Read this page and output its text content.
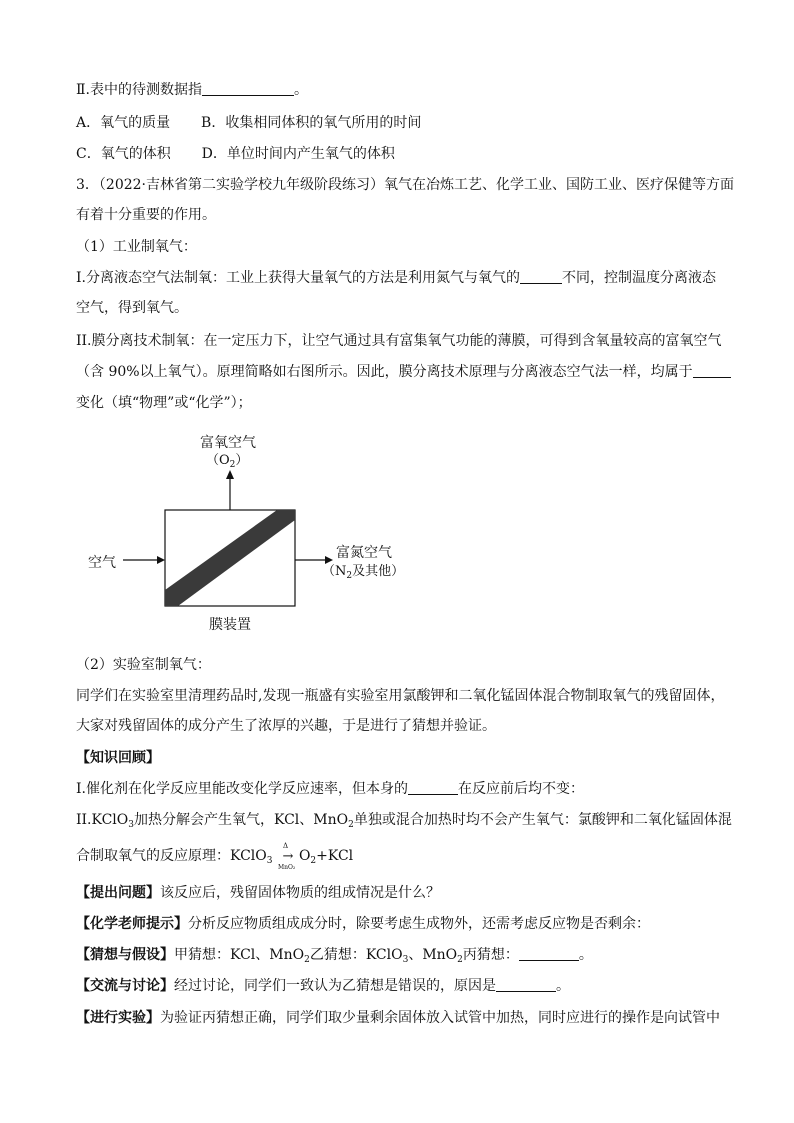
Ⅱ.表中的待测数据指	。
A．氧气的质量 B．收集相同体积的氧气所用的时间
C．氧气的体积 D．单位时间内产生氧气的体积
3．（2022·吉林省第二实验学校九年级阶段练习）氧气在冶炼工艺、化学工业、国防工业、医疗保健等方面
有着十分重要的作用。
（1）工业制氧气：
I.分离液态空气法制氧：工业上获得大量氧气的方法是利用氮气与氧气的	不同，控制温度分离液态
空气，得到氧气。
II.膜分离技术制氧：在一定压力下，让空气通过具有富集氧气功能的薄膜，可得到含氧量较高的富氧空气
（含 90%以上氧气）。原理简略如右图所示。因此，膜分离技术原理与分离液态空气法一样，均属于
变化（填“物理”或“化学”）；
富氧空气
$(O_2)$
空气
富氮空气
（$N_2$及其他）
膜装置
（2）实验室制氧气：
同学们在实验室里清理药品时,发现一瓶盛有实验室用氯酸钾和二氧化锰固体混合物制取氧气的残留固体，
大家对残留固体的成分产生了浓厚的兴趣，于是进行了猜想并验证。
【知识回顾】
I.催化剂在化学反应里能改变化学反应速率，但本身的	在反应前后均不变：
II.KClO$_3$加热分解会产生氧气，KCl、MnO$_2$单独或混合加热时均不会产生氧气：氯酸钾和二氧化锰固体混
合制取氧气的反应原理：KClO$_3$
Δ
→
MnO₂
$O_2+KCl$
【提出问题】该反应后，残留固体物质的组成情况是什么？
【化学老师提示】分析反应物质组成成分时，除要考虑生成物外，还需考虑反应物是否剩余：
【猜想与假设】甲猜想：KCl、MnO$_2$乙猜想：KClO$_3$、MnO$_2$丙猜想：	。
【交流与讨论】经过讨论，同学们一致认为乙猜想是错误的，原因是	。
【进行实验】为验证丙猜想正确，同学们取少量剩余固体放入试管中加热，同时应进行的操作是向试管中
